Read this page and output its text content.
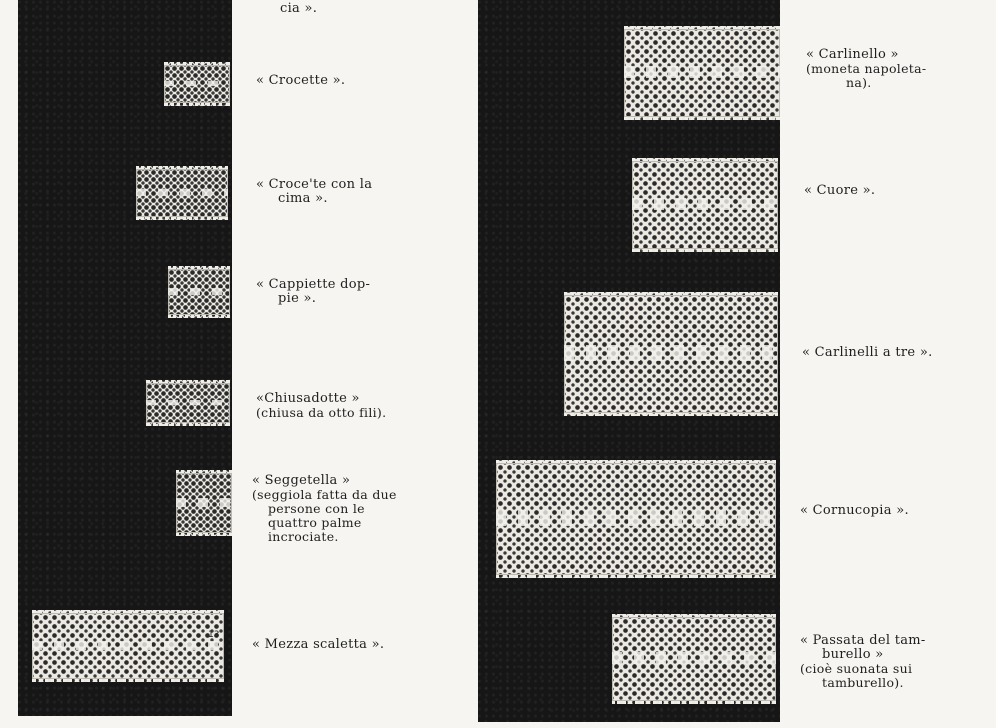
13

cia ».

« Crocette ».

« Croce'te con la

cima ».

« Cappiette dop-

pie ».

«Chiusadotte »

(chiusa da otto fili).

« Seggetella »

(seggiola fatta da due

persone con le

quattro palme

incrociate.

« Mezza scaletta ».

« Carlinello »

(moneta napoleta-

na).

« Cuore ».

« Carlinelli a tre ».

« Cornucopia ».

« Passata del tam-

burello »

(cioè suonata sui

tamburello).
